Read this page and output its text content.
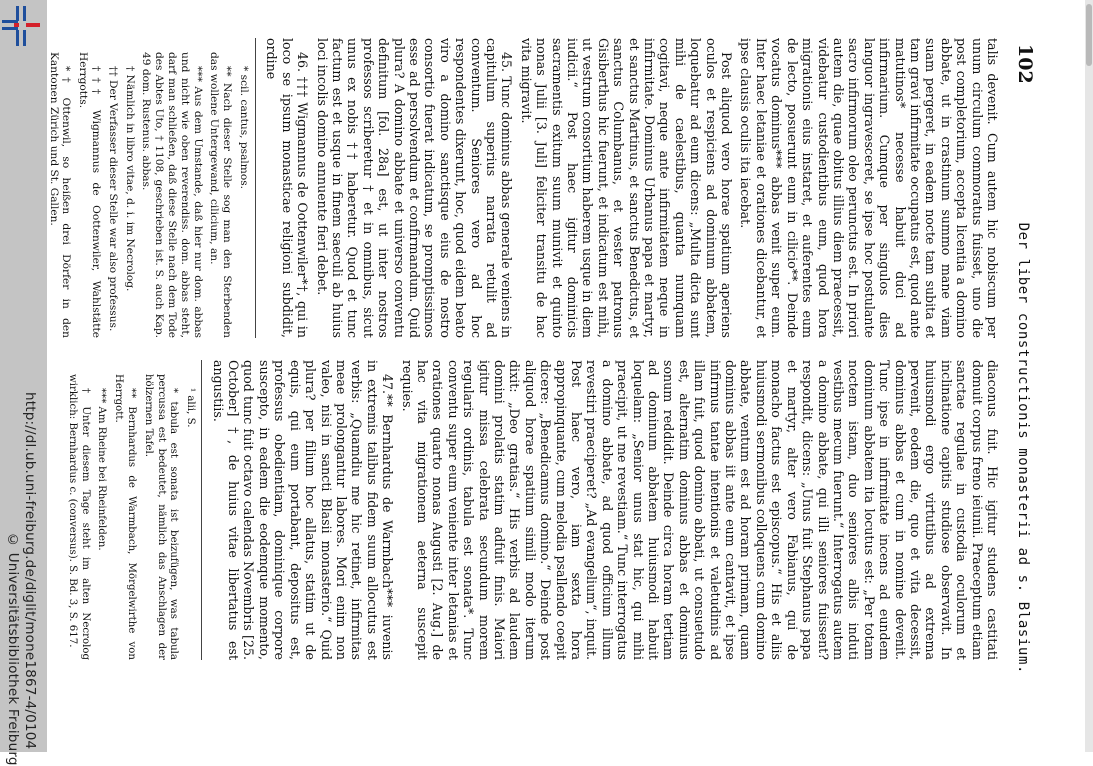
http://dl.ub.uni-freiburg.de/diglit/mone1867-4/0104
© Universitätsbibliothek Freiburg
102
Der liber constructionis monasterii ad s. Blasium.

talis devenit. Cum autem hic nobiscum per unum circulum commoratus fuisset, uno die post completorium, accepta licentia a domino abbate, ut in crastinum summo mane viam suam pergeret, in eadem nocte tam subita et tam gravi infirmitate occupatus est, quod ante matutinos* necesse habuit duci ad infirmarium. Cumque per singulos dies languor ingravesceret, se ipse hoc postulante sacro infirmorum oleo perunctus est. In priori autem die, quae obitus illius diem praecessit, videbatur custodientibus eum, quod hora migrationis eius instaret, et auferentes eum de lecto, posuerunt eum in cilicio**. Deinde vocatus dominus*** abbas venit super eum. Inter haec letaniae et orationes dicebantur, et ipse clausis oculis ita iacebat.

Post aliquod vero horae spatium aperiens oculos et respiciens ad dominum abbatem, loquebatur ad eum dicens: „Multa dicta sunt mihi de caelestibus, quanta numquam cogitavi, neque ante infirmitatem neque in infirmitate. Dominus Urbanus papa et martyr, et sanctus Martinus, et sanctus Benedictus, et sanctus Columbanus, et vester patronus Gisiberthus hic fuerunt, et indicatum est mihi, ut vestrum consortium haberem usque in diem iudicii.“ Post haec igitur dominicis sacramentis exitum suum munivit et quinto nonas Julii [3. Juli] feliciter transitu de hac vita migravit.

45. Tunc dominus abbas generale veniens in capitulum superius narrata retulit ad conventum. Seniores vero ad hoc respondentes dixerunt, hoc, quod eidem beato viro a domino sanctisque eius de nostro consortio fuerat indicatum, se promptissimos esse ad persolvendum et confirmandum. Quid plura? A domino abbate et universo conventu definitum [fol. 28a] est, ut inter nostros professos scriberetur † et in omnibus, sicut unus ex nobis †† haberetur. Quod et tunc factum est et usque in finem saeculi ab huius loci incolis domino annuente fieri debet.

46. ††† Wigmannus de Oottenwiler*†, qui in loco se ipsum monasticae religioni subdidit, ordine

* scil. cantus, psalmos.

** Nach dieser Stelle sog man den Sterbenden das wollene Untergewand, cilicium, an.

*** Aus dem Umstande, daß hier nur dom. abbas und nicht wie oben reverendiss. dom. abbas steht, darf man schließen, daß diese Stelle nach dem Tode des Abtes Uto, † 1108, geschrieben ist. S. auch Kap. 49 dom. Rustenus. abbas.

† Nämlich in libro vitae, d. i. im Necrolog.

†† Der Verfasser dieser Stelle war also professus.

††† Wigmannus de Oottenwiler, Wahlstätte Herrgotts.

*† Ottenwil, so heißen drei Dörfer in den Kantonen Zürich und St. Gallen.

diaconus fuit. Hic igitur studens castitati domuit corpus freno ieiunii. Praeceptum etiam sanctae regulae in custodia oculorum et inclinatione capitis studiose observavit. In huiusmodi ergo virtutibus ad extrema pervenit, eodem die, quo et vita decessit, dominus abbas et cum in nomine devenit. Tunc ipse in infirmitate incens ad eundem dominum abbatem ita locutus est: „Per totam noctem istam, duo seniores albis induti vestibus mecum fuerunt.“ Interrogatus autem a domino abbate, qui illi seniores fuissent? respondit, dicens: „Unus fuit Stephanus papa et martyr, alter vero Fabianus, qui de monacho factus est episcopus.“ His et aliis huiusmodi sermonibus colloquens cum domino abbate, ventum est ad horam primam, quam dominus abbas iit ante eum cantavit, et ipse infirmus tantae intentionis et valetudinis ad illam fuit, quod domino abbati, ut consuetudo est, alternatim dominus abbas et dominus sonum reddidit. Deinde circa horam tertiam ad dominum abbatem huiusmodi habuit loquelam: „Senior unus stat hic, qui mihi praecipit, ut me revestiam.“ Tunc interrogatus a domino abbate, ad quod officium illum revestiri praeciperet? „Ad evangelium“, inquit. Post haec vero, iam sexta hora appropinquante, cum melodia psallendo coepit dicere: „Benedicamus domino.“ Deinde post aliquod horae spatium simili modo iterum dixit: „Deo gratias.“ His verbis ad laudem domini prolatis statim adfuit finis. Maiori igitur missa celebrata secundum morem regularis ordinis, tabula est sonata*. Tunc conventu super eum veniente inter letanias et orationes quarto nonas Augusti [2. Aug.] de hac vita migrationem aeterna suscepit requies.

47.** Bernhardus de Warmbach*** iuvenis in extremis talibus fidem suum allocutus est verbis: „Quamdiu me hic retinet, infirmitas meae prolongantur labores. Mori enim non valeo, nisi in sancti Blasii monasterio.“ Quid plura? per filium hoc allatus, statim ut de equis, qui eum portabant, depositus est, professus obedientiam, dominique corpore suscepto, in eadem die eodemque momento, quod tunc fuit octavo calendas Novembris [25. October] †, de huius vitae libertatus est angustiis.

¹ alii, S.

* tabula est sonata ist beizufügen, was tabula percussa est bedeutet, nämlich das Anschlagen der hölzernen Tafel.

** Bernhardus de Warmbach, Mörgelwirthe von Herrgott.

*** Am Rheine bei Rheinfelden.

† Unter diesem Tage steht im alten Necrolog wirklich: Bernhardus c. (conversus). S. Bd. 3, S. 617.
